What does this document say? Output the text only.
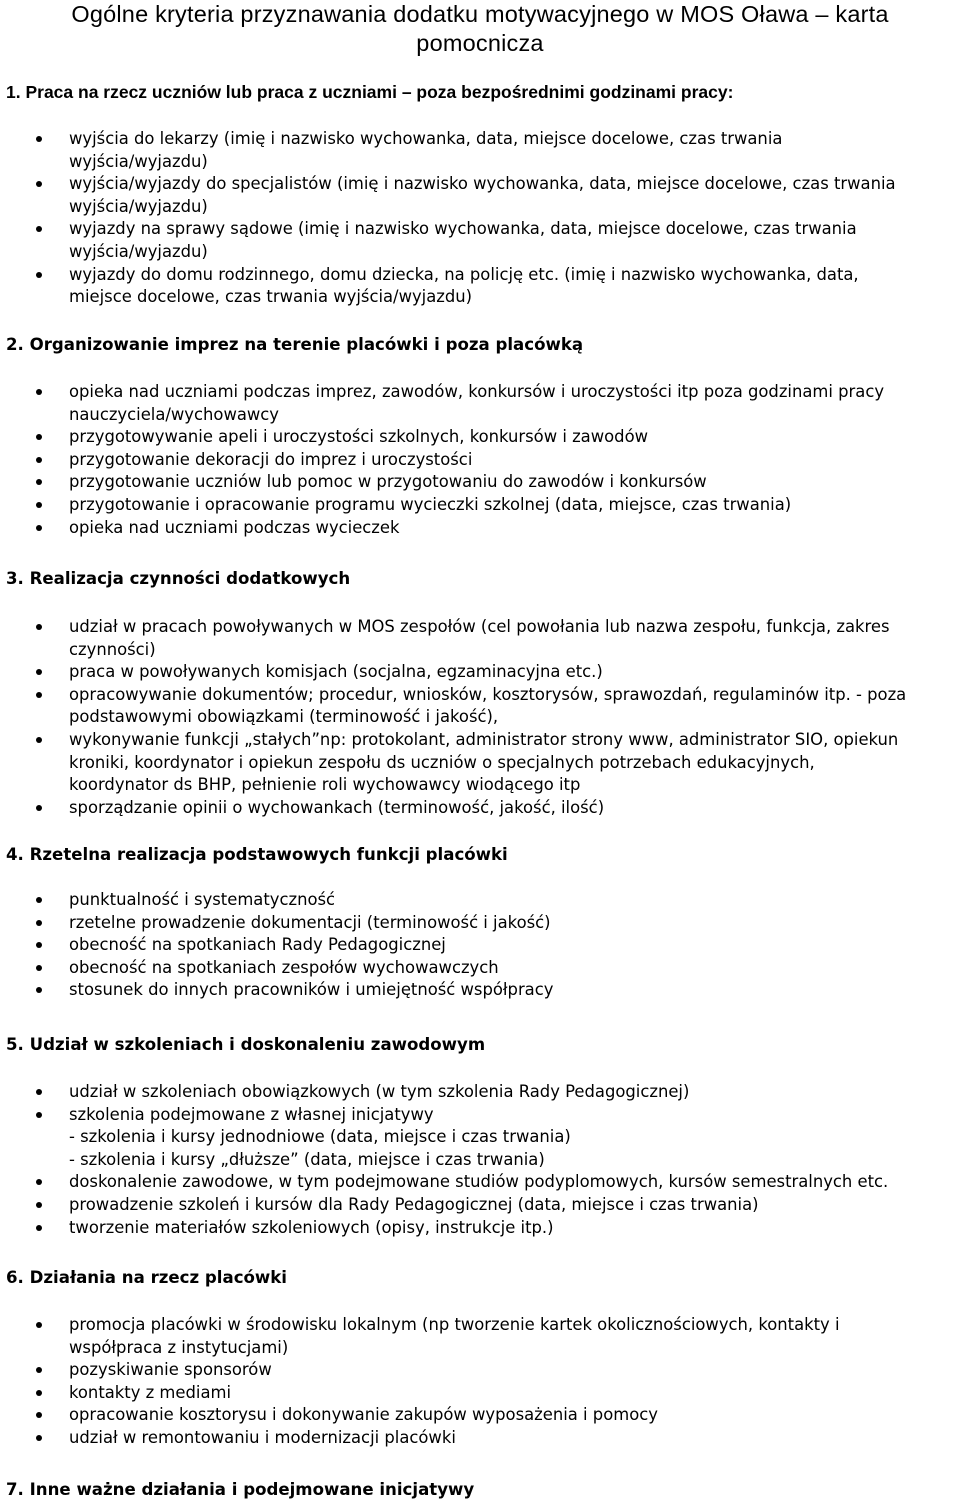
Ogólne kryteria przyznawania dodatku motywacyjnego w MOS Oława – karta
pomocnicza
1. Praca na rzecz uczniów lub praca z uczniami – poza bezpośrednimi godzinami pracy:
wyjścia do lekarzy (imię i nazwisko wychowanka, data, miejsce docelowe, czas trwania
wyjścia/wyjazdu)
wyjścia/wyjazdy do specjalistów (imię i nazwisko wychowanka, data, miejsce docelowe, czas trwania
wyjścia/wyjazdu)
wyjazdy na sprawy sądowe (imię i nazwisko wychowanka, data, miejsce docelowe, czas trwania
wyjścia/wyjazdu)
wyjazdy do domu rodzinnego, domu dziecka, na policję etc. (imię i nazwisko wychowanka, data,
miejsce docelowe, czas trwania wyjścia/wyjazdu)
2. Organizowanie imprez na terenie placówki i poza placówką
opieka nad uczniami podczas imprez, zawodów, konkursów i uroczystości itp poza godzinami pracy
nauczyciela/wychowawcy
przygotowywanie apeli i uroczystości szkolnych, konkursów i zawodów
przygotowanie dekoracji do imprez i uroczystości
przygotowanie uczniów lub pomoc w przygotowaniu do zawodów i konkursów
przygotowanie i opracowanie programu wycieczki szkolnej (data, miejsce, czas trwania)
opieka nad uczniami podczas wycieczek
3. Realizacja czynności dodatkowych
udział w pracach powoływanych w MOS zespołów (cel powołania lub nazwa zespołu, funkcja, zakres
czynności)
praca w powoływanych komisjach (socjalna, egzaminacyjna etc.)
opracowywanie dokumentów; procedur, wniosków, kosztorysów, sprawozdań, regulaminów itp. - poza
podstawowymi obowiązkami (terminowość i jakość),
wykonywanie funkcji „stałych”np: protokolant, administrator strony www, administrator SIO, opiekun
kroniki, koordynator i opiekun zespołu ds uczniów o specjalnych potrzebach edukacyjnych,
koordynator ds BHP, pełnienie roli wychowawcy wiodącego itp
sporządzanie opinii o wychowankach (terminowość, jakość, ilość)
4. Rzetelna realizacja podstawowych funkcji placówki
punktualność i systematyczność
rzetelne prowadzenie dokumentacji (terminowość i jakość)
obecność na spotkaniach Rady Pedagogicznej
obecność na spotkaniach zespołów wychowawczych
stosunek do innych pracowników i umiejętność współpracy
5. Udział w szkoleniach i doskonaleniu zawodowym
udział w szkoleniach obowiązkowych (w tym szkolenia Rady Pedagogicznej)
szkolenia podejmowane z własnej inicjatywy
- szkolenia i kursy jednodniowe (data, miejsce i czas trwania)
- szkolenia i kursy „dłuższe” (data, miejsce i czas trwania)
doskonalenie zawodowe, w tym podejmowane studiów podyplomowych, kursów semestralnych etc.
prowadzenie szkoleń i kursów dla Rady Pedagogicznej (data, miejsce i czas trwania)
tworzenie materiałów szkoleniowych (opisy, instrukcje itp.)
6. Działania na rzecz placówki
promocja placówki w środowisku lokalnym (np tworzenie kartek okolicznościowych, kontakty i
współpraca z instytucjami)
pozyskiwanie sponsorów
kontakty z mediami
opracowanie kosztorysu i dokonywanie zakupów wyposażenia i pomocy
udział w remontowaniu i modernizacji placówki
7. Inne ważne działania i podejmowane inicjatywy
